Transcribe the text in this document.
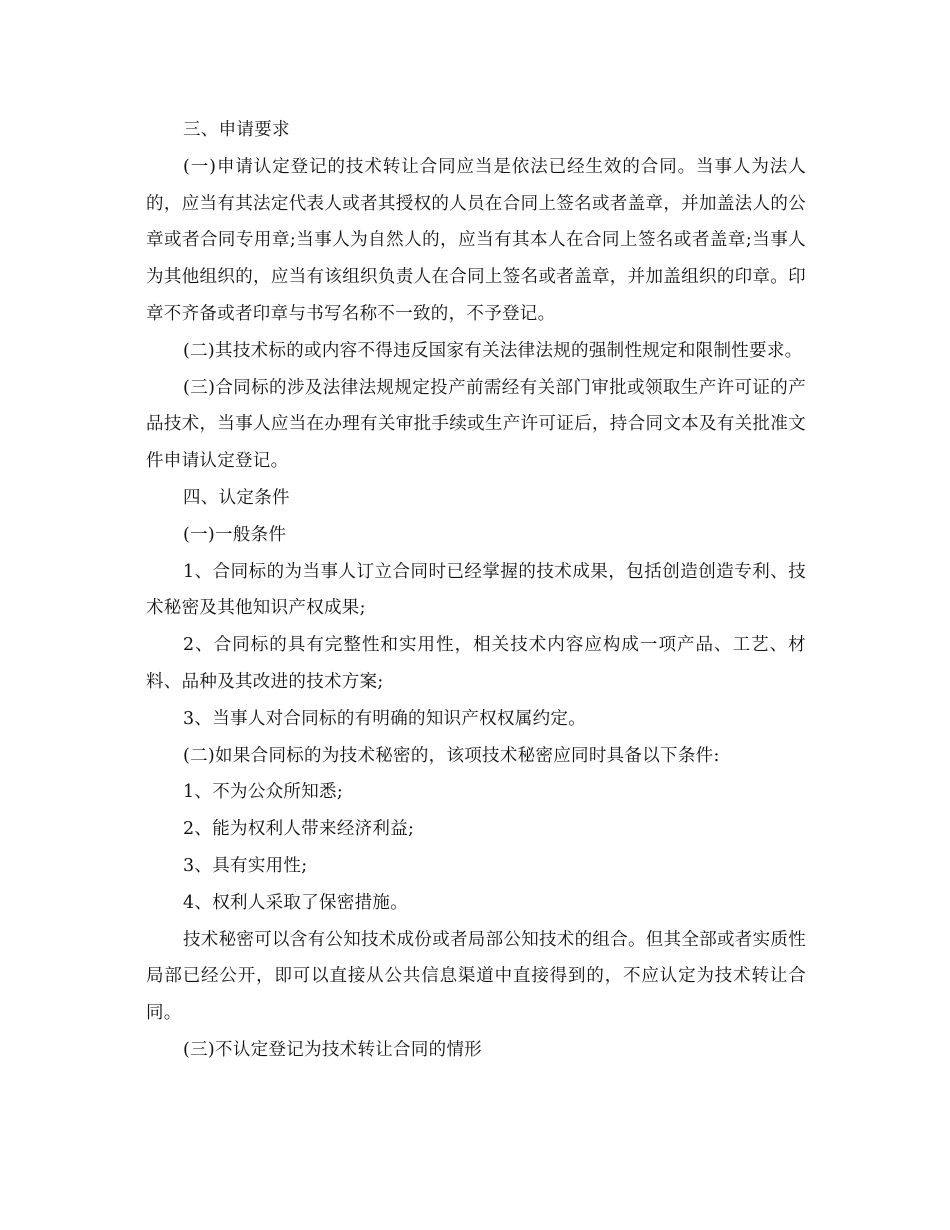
三、申请要求

(一)申请认定登记的技术转让合同应当是依法已经生效的合同。当事人为法人的，应当有其法定代表人或者其授权的人员在合同上签名或者盖章，并加盖法人的公章或者合同专用章;当事人为自然人的，应当有其本人在合同上签名或者盖章;当事人为其他组织的，应当有该组织负责人在合同上签名或者盖章，并加盖组织的印章。印章不齐备或者印章与书写名称不一致的，不予登记。

(二)其技术标的或内容不得违反国家有关法律法规的强制性规定和限制性要求。

(三)合同标的涉及法律法规规定投产前需经有关部门审批或领取生产许可证的产品技术，当事人应当在办理有关审批手续或生产许可证后，持合同文本及有关批准文件申请认定登记。

四、认定条件

(一)一般条件

1、合同标的为当事人订立合同时已经掌握的技术成果，包括创造创造专利、技术秘密及其他知识产权成果;

2、合同标的具有完整性和实用性，相关技术内容应构成一项产品、工艺、材料、品种及其改进的技术方案;

3、当事人对合同标的有明确的知识产权权属约定。

(二)如果合同标的为技术秘密的，该项技术秘密应同时具备以下条件:

1、不为公众所知悉;

2、能为权利人带来经济利益;

3、具有实用性;

4、权利人采取了保密措施。

技术秘密可以含有公知技术成份或者局部公知技术的组合。但其全部或者实质性局部已经公开，即可以直接从公共信息渠道中直接得到的，不应认定为技术转让合同。

(三)不认定登记为技术转让合同的情形
